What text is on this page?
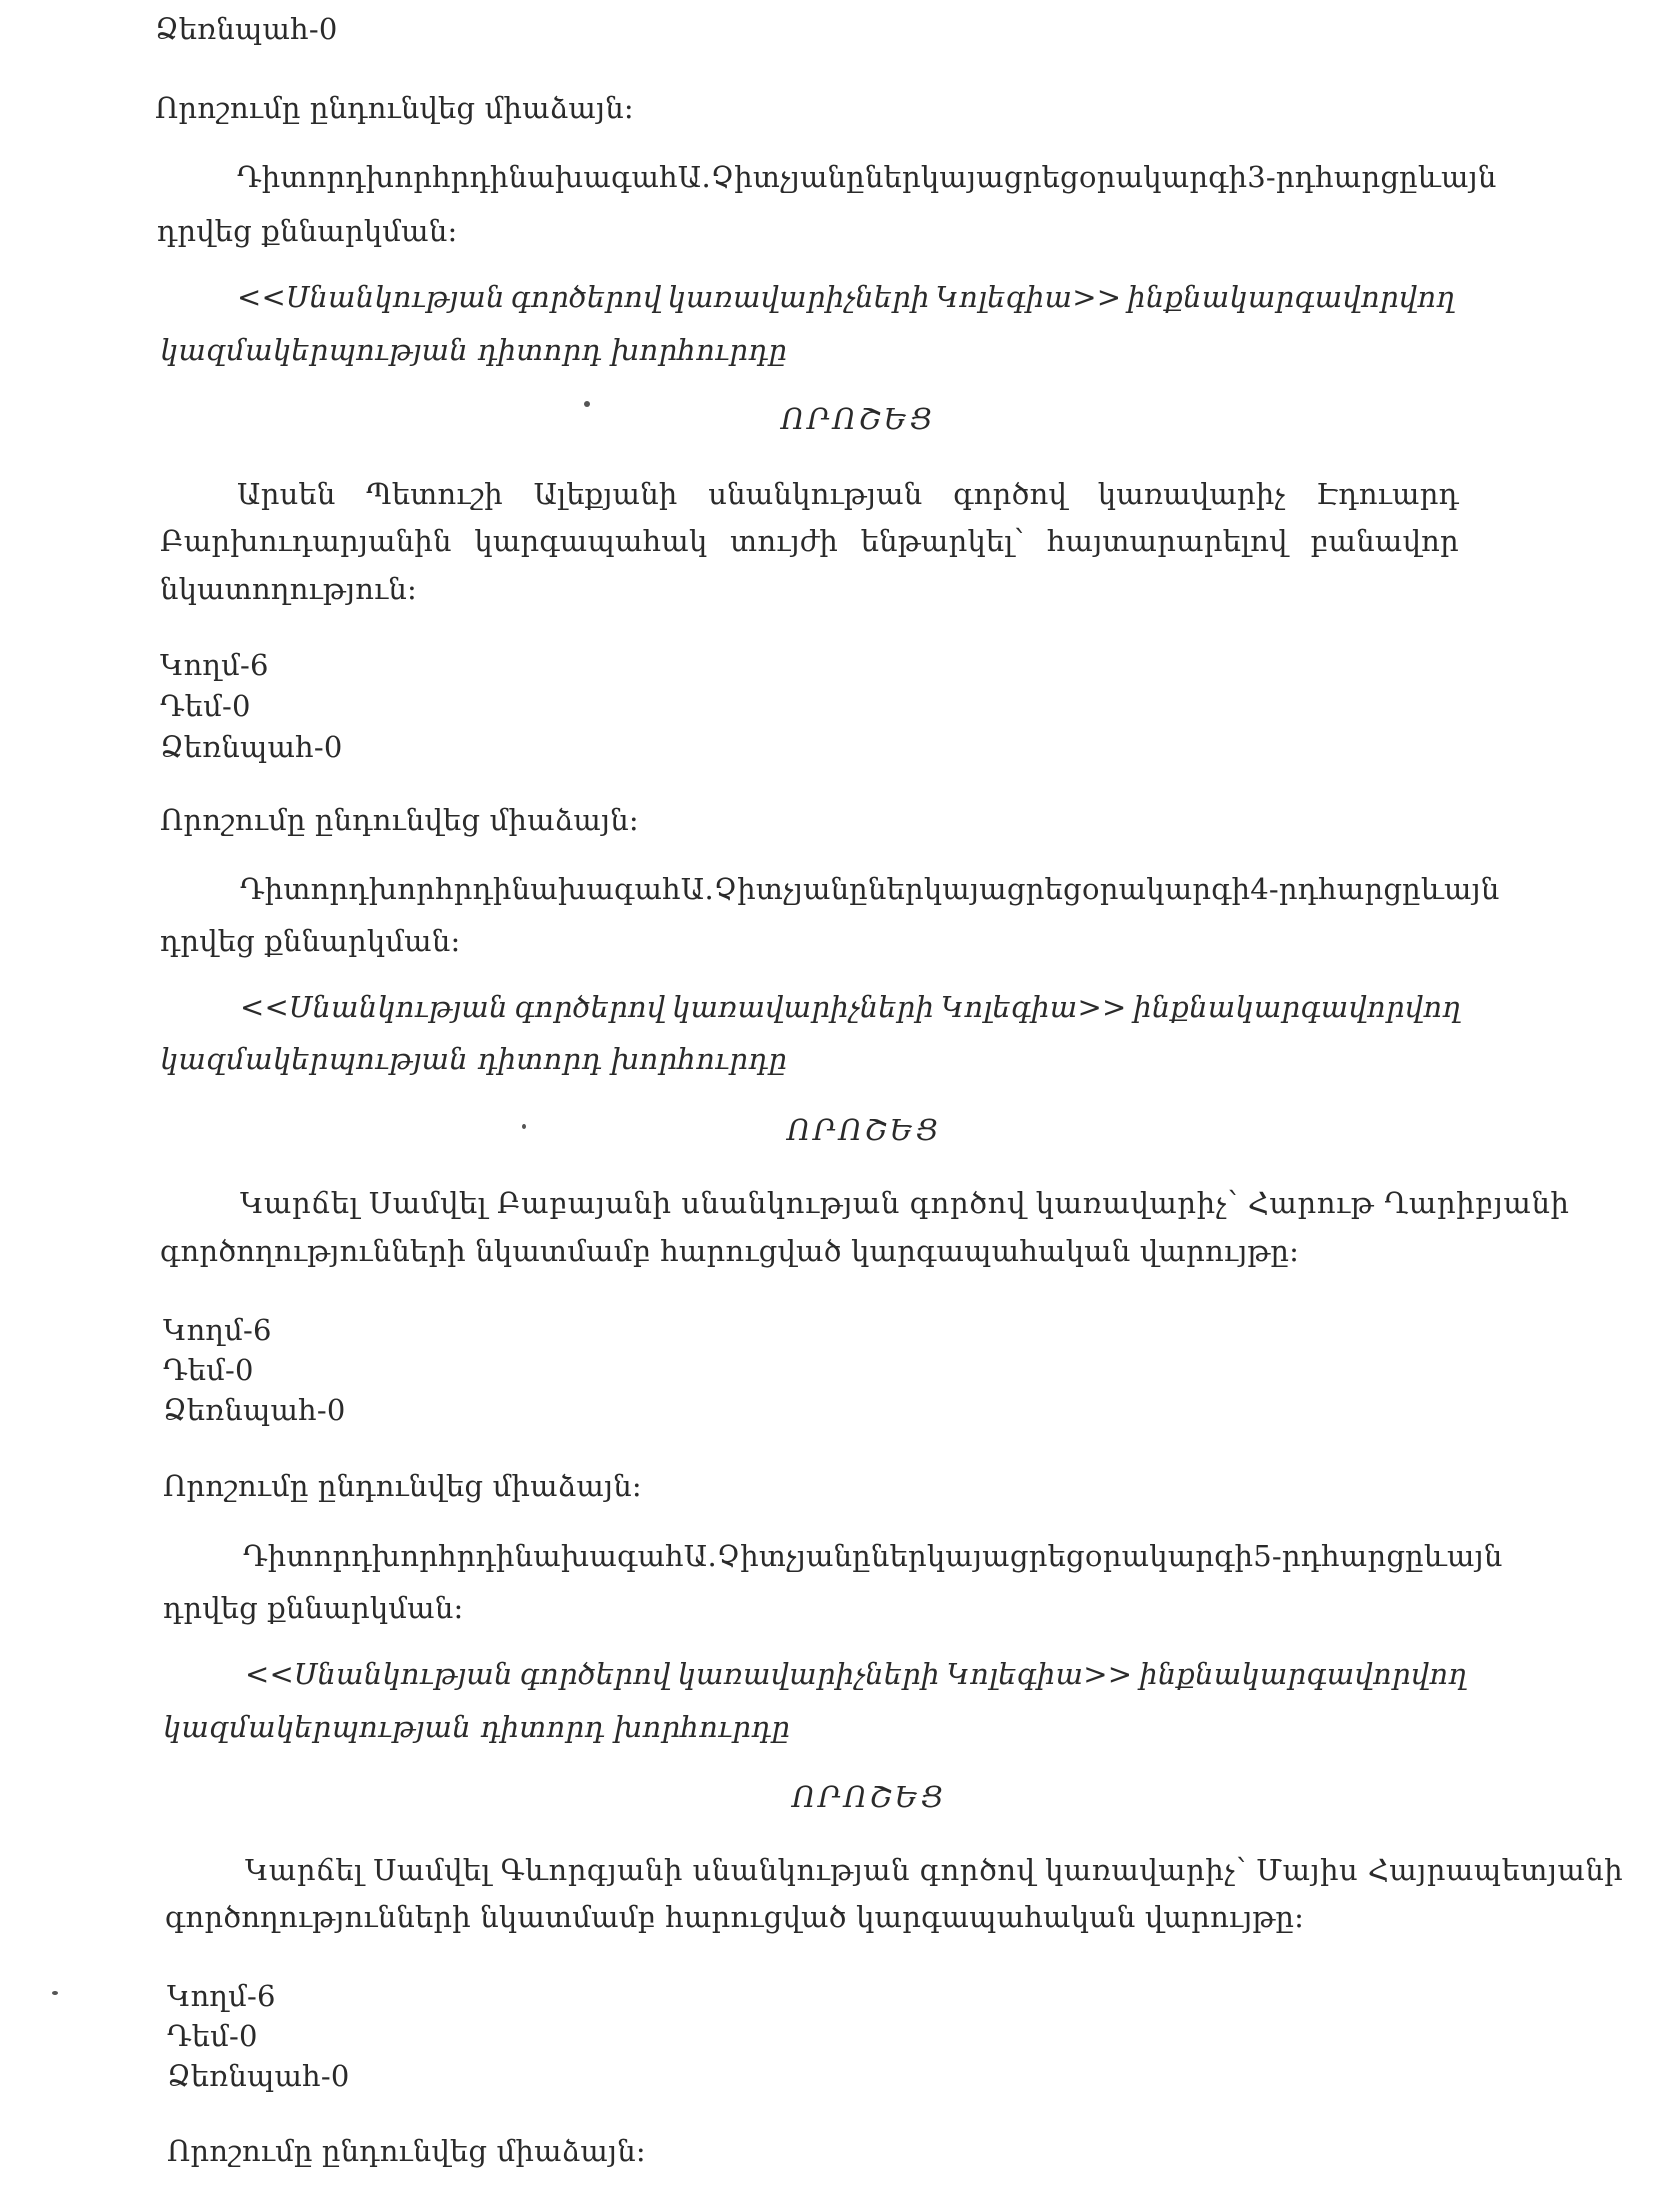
Ձեռնպահ-0
Որոշումը ընդունվեց միաձայն:
Դիտորդ խորհրդի նախագահ Ա.Չիտչյանը ներկայացրեց օրակարգի 3-րդ հարցը և այն
դրվեց քննարկման:
<<Սնանկության գործերով կառավարիչների Կոլեգիա>> ինքնակարգավորվող
կազմակերպության դիտորդ խորհուրդը
ՈՐՈՇԵՑ
Արսեն Պետուշի Ալեքյանի սնանկության գործով կառավարիչ Էդուարդ
Բարխուդարյանին կարգապահակ տույժի ենթարկել՝ հայտարարելով բանավոր
նկատողություն:
Կողմ-6
Դեմ-0
Ձեռնպահ-0
Որոշումը ընդունվեց միաձայն:
Դիտորդ խորհրդի նախագահ Ա.Չիտչյանը ներկայացրեց օրակարգի 4-րդ հարցը և այն
դրվեց քննարկման:
<<Սնանկության գործերով կառավարիչների Կոլեգիա>> ինքնակարգավորվող
կազմակերպության դիտորդ խորհուրդը
ՈՐՈՇԵՑ
Կարճել Սամվել Բաբայանի սնանկության գործով կառավարիչ՝ Հարութ Ղարիբյանի
գործողությունների նկատմամբ հարուցված կարգապահական վարույթը:
Կողմ-6
Դեմ-0
Ձեռնպահ-0
Որոշումը ընդունվեց միաձայն:
Դիտորդ խորհրդի նախագահ Ա.Չիտչյանը ներկայացրեց օրակարգի 5-րդ հարցը և այն
դրվեց քննարկման:
<<Սնանկության գործերով կառավարիչների Կոլեգիա>> ինքնակարգավորվող
կազմակերպության դիտորդ խորհուրդը
ՈՐՈՇԵՑ
Կարճել Սամվել Գևորգյանի սնանկության գործով կառավարիչ՝ Մայիս Հայրապետյանի
գործողությունների նկատմամբ հարուցված կարգապահական վարույթը:
Կողմ-6
Դեմ-0
Ձեռնպահ-0
Որոշումը ընդունվեց միաձայն:
